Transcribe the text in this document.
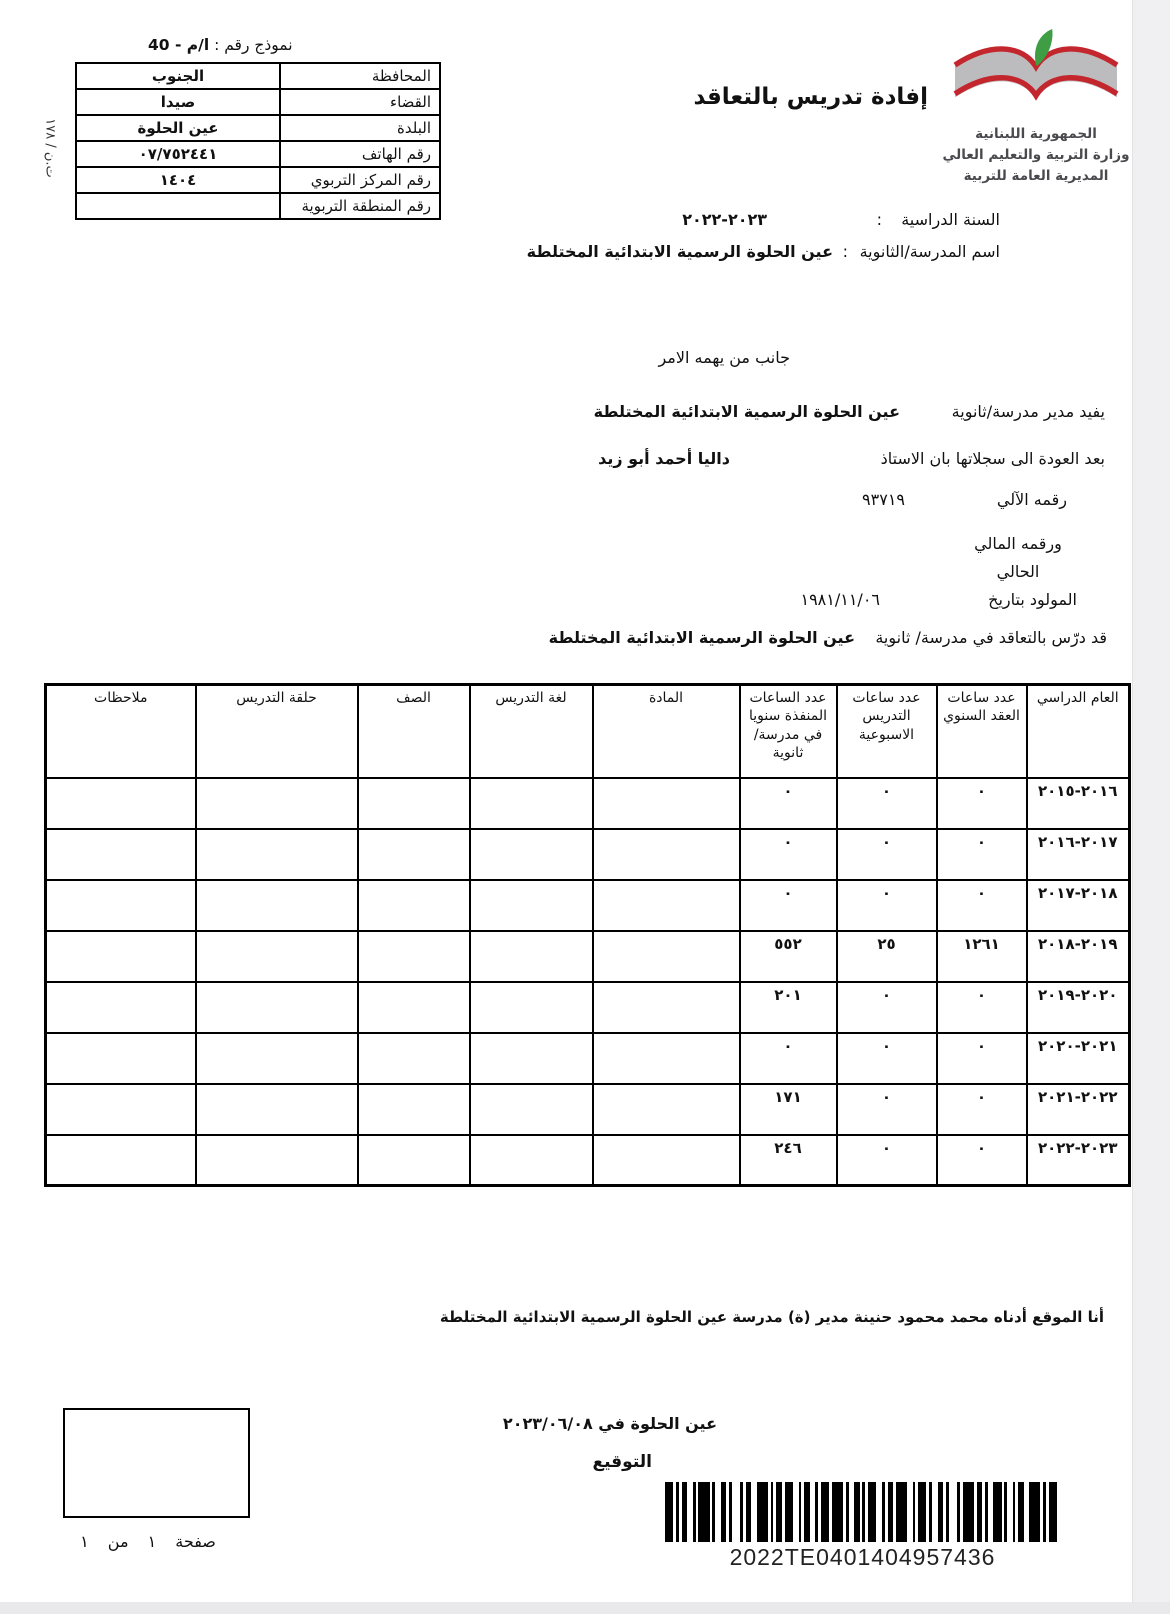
ت.ن / ١٧٨
نموذج رقم : ا/م - 40
المحافظة	الجنوب
القضاء	صيدا
البلدة	عين الحلوة
رقم الهاتف	٠٧/٧٥٢٤٤١
رقم المركز التربوي	١٤٠٤
رقم المنطقة التربوية	
إفادة تدريس بالتعاقد
الجمهورية اللبنانية
وزارة التربية والتعليم العالي
المديرية العامة للتربية
السنة الدراسية
:
٢٠٢٣-٢٠٢٢
اسم المدرسة/الثانوية
:
عين الحلوة الرسمية الابتدائية المختلطة
جانب من يهمه الامر
يفيد مدير مدرسة/ثانوية
عين الحلوة الرسمية الابتدائية المختلطة
بعد العودة الى سجلاتها بان الاستاذ
داليا أحمد أبو زيد
رقمه الآلي
٩٣٧١٩
ورقمه المالي
الحالي
المولود بتاريخ
١٩٨١/١١/٠٦
قد درّس بالتعاقد في مدرسة/ ثانوية
عين الحلوة الرسمية الابتدائية المختلطة
العام الدراسي	عدد ساعات العقد السنوي	عدد ساعات التدريس الاسبوعية	عدد الساعات المنفذة سنويا في مدرسة/ثانوية	المادة	لغة التدريس	الصف	حلقة التدريس	ملاحظات
٢٠١٦-٢٠١٥	٠	٠	٠					
٢٠١٧-٢٠١٦	٠	٠	٠					
٢٠١٨-٢٠١٧	٠	٠	٠					
٢٠١٩-٢٠١٨	١٢٦١	٢٥	٥٥٢					
٢٠٢٠-٢٠١٩	٠	٠	٢٠١					
٢٠٢١-٢٠٢٠	٠	٠	٠					
٢٠٢٢-٢٠٢١	٠	٠	١٧١					
٢٠٢٣-٢٠٢٢	٠	٠	٢٤٦					
أنا الموقع أدناه محمد محمود حنينة مدير (ة) مدرسة عين الحلوة الرسمية الابتدائية المختلطة
عين الحلوة في ٢٠٢٣/٠٦/٠٨
التوقيع
صفحة ١ من ١
2022TE0401404957436
